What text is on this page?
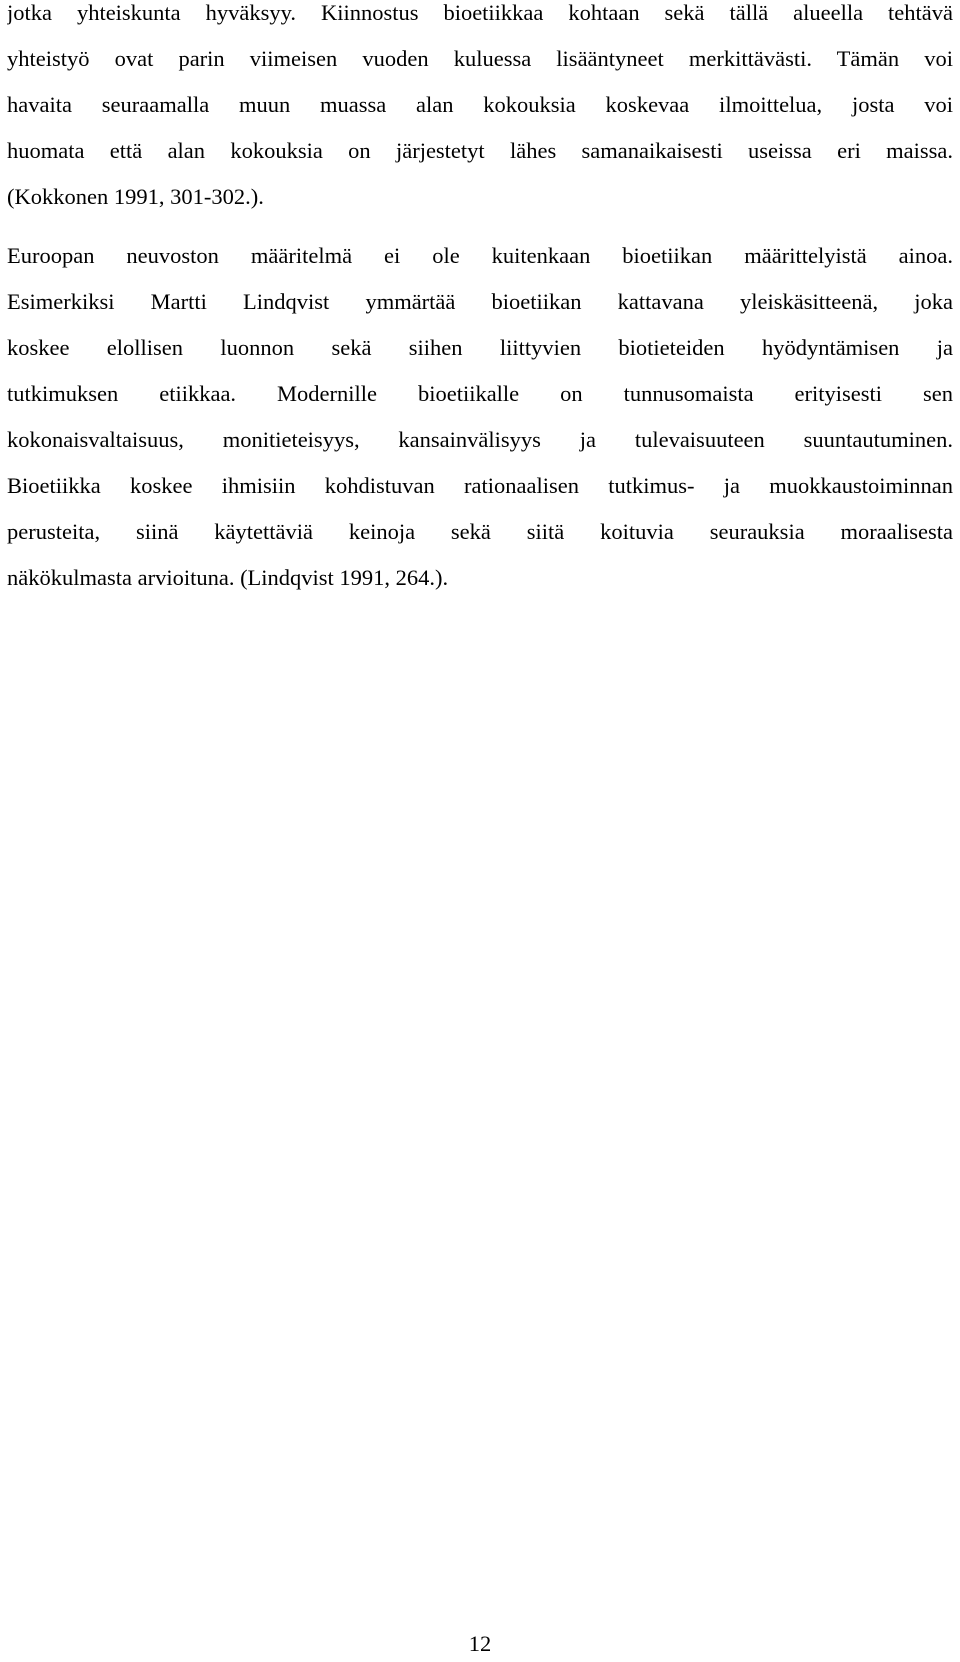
jotka yhteiskunta hyväksyy. Kiinnostus bioetiikkaa kohtaan sekä tällä alueella tehtävä
yhteistyö ovat parin viimeisen vuoden kuluessa lisääntyneet merkittävästi. Tämän voi
havaita seuraamalla muun muassa alan kokouksia koskevaa ilmoittelua, josta voi
huomata että alan kokouksia on järjestetyt lähes samanaikaisesti useissa eri maissa.
(Kokkonen 1991, 301-302.).
Euroopan neuvoston määritelmä ei ole kuitenkaan bioetiikan määrittelyistä ainoa.
Esimerkiksi Martti Lindqvist ymmärtää bioetiikan kattavana yleiskäsitteenä, joka
koskee elollisen luonnon sekä siihen liittyvien biotieteiden hyödyntämisen ja
tutkimuksen etiikkaa. Modernille bioetiikalle on tunnusomaista erityisesti sen
kokonaisvaltaisuus, monitieteisyys, kansainvälisyys ja tulevaisuuteen suuntautuminen.
Bioetiikka koskee ihmisiin kohdistuvan rationaalisen tutkimus- ja muokkaustoiminnan
perusteita, siinä käytettäviä keinoja sekä siitä koituvia seurauksia moraalisesta
näkökulmasta arvioituna. (Lindqvist 1991, 264.).
12
